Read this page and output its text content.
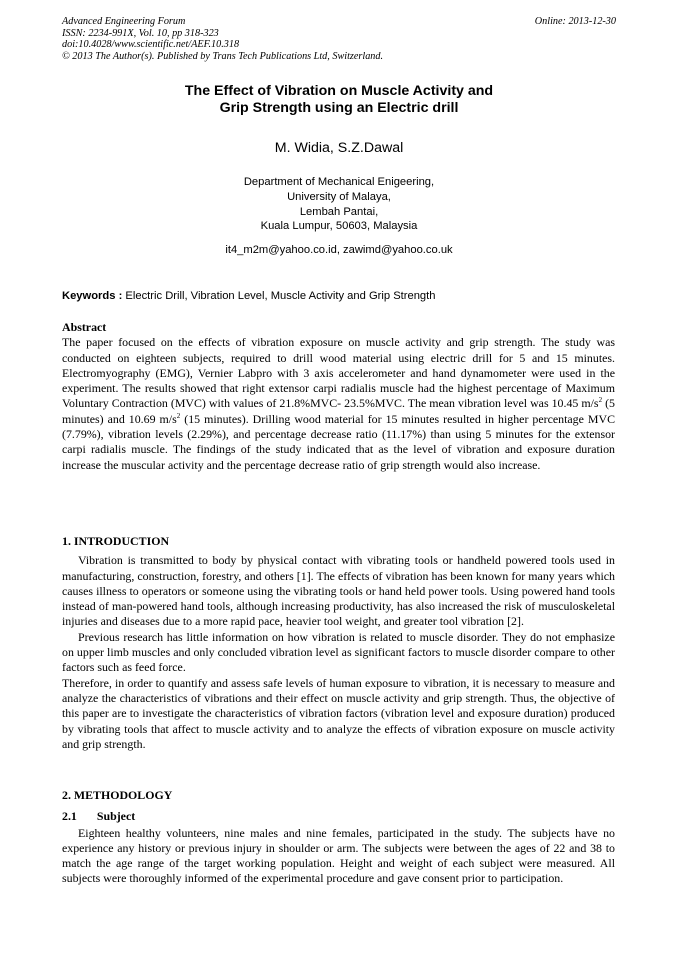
Advanced Engineering Forum
ISSN: 2234-991X, Vol. 10, pp 318-323
doi:10.4028/www.scientific.net/AEF.10.318
© 2013 The Author(s). Published by Trans Tech Publications Ltd, Switzerland.
Online: 2013-12-30
The Effect of Vibration on Muscle Activity and
Grip Strength using an Electric drill
M. Widia, S.Z.Dawal
Department of Mechanical Enigeering,
University of Malaya,
Lembah Pantai,
Kuala Lumpur, 50603, Malaysia
it4_m2m@yahoo.co.id, zawimd@yahoo.co.uk
Keywords : Electric Drill, Vibration Level, Muscle Activity and Grip Strength

Abstract

The paper focused on the effects of vibration exposure on muscle activity and grip strength. The study was conducted on eighteen subjects, required to drill wood material using electric drill for 5 and 15 minutes. Electromyography (EMG), Vernier Labpro with 3 axis accelerometer and hand dynamometer were used in the experiment. The results showed that right extensor carpi radialis muscle had the highest percentage of Maximum Voluntary Contraction (MVC) with values of 21.8%MVC- 23.5%MVC. The mean vibration level was 10.45 $m/s^2$ (5 minutes) and 10.69 $m/s^2$ (15 minutes). Drilling wood material for 15 minutes resulted in higher percentage MVC (7.79%), vibration levels (2.29%), and percentage decrease ratio (11.17%) than using 5 minutes for the extensor carpi radialis muscle. The findings of the study indicated that as the level of vibration and exposure duration increase the muscular activity and the percentage decrease ratio of grip strength would also increase.

1. INTRODUCTION

Vibration is transmitted to body by physical contact with vibrating tools or handheld powered tools used in manufacturing, construction, forestry, and others [1]. The effects of vibration has been known for many years which causes illness to operators or someone using the vibrating tools or hand held power tools. Using powered hand tools instead of man-powered hand tools, although increasing productivity, has also increased the risk of musculoskeletal injuries and diseases due to a more rapid pace, heavier tool weight, and greater tool vibration [2].

Previous research has little information on how vibration is related to muscle disorder. They do not emphasize on upper limb muscles and only concluded vibration level as significant factors to muscle disorder compare to other factors such as feed force.

Therefore, in order to quantify and assess safe levels of human exposure to vibration, it is necessary to measure and analyze the characteristics of vibrations and their effect on muscle activity and grip strength. Thus, the objective of this paper are to investigate the characteristics of vibration factors (vibration level and exposure duration) produced by vibrating tools that affect to muscle activity and to analyze the effects of vibration exposure on muscle activity and grip strength.

2. METHODOLOGY

2.1 Subject

Eighteen healthy volunteers, nine males and nine females, participated in the study. The subjects have no experience any history or previous injury in shoulder or arm. The subjects were between the ages of 22 and 38 to match the age range of the target working population. Height and weight of each subject were measured. All subjects were thoroughly informed of the experimental procedure and gave consent prior to participation.
